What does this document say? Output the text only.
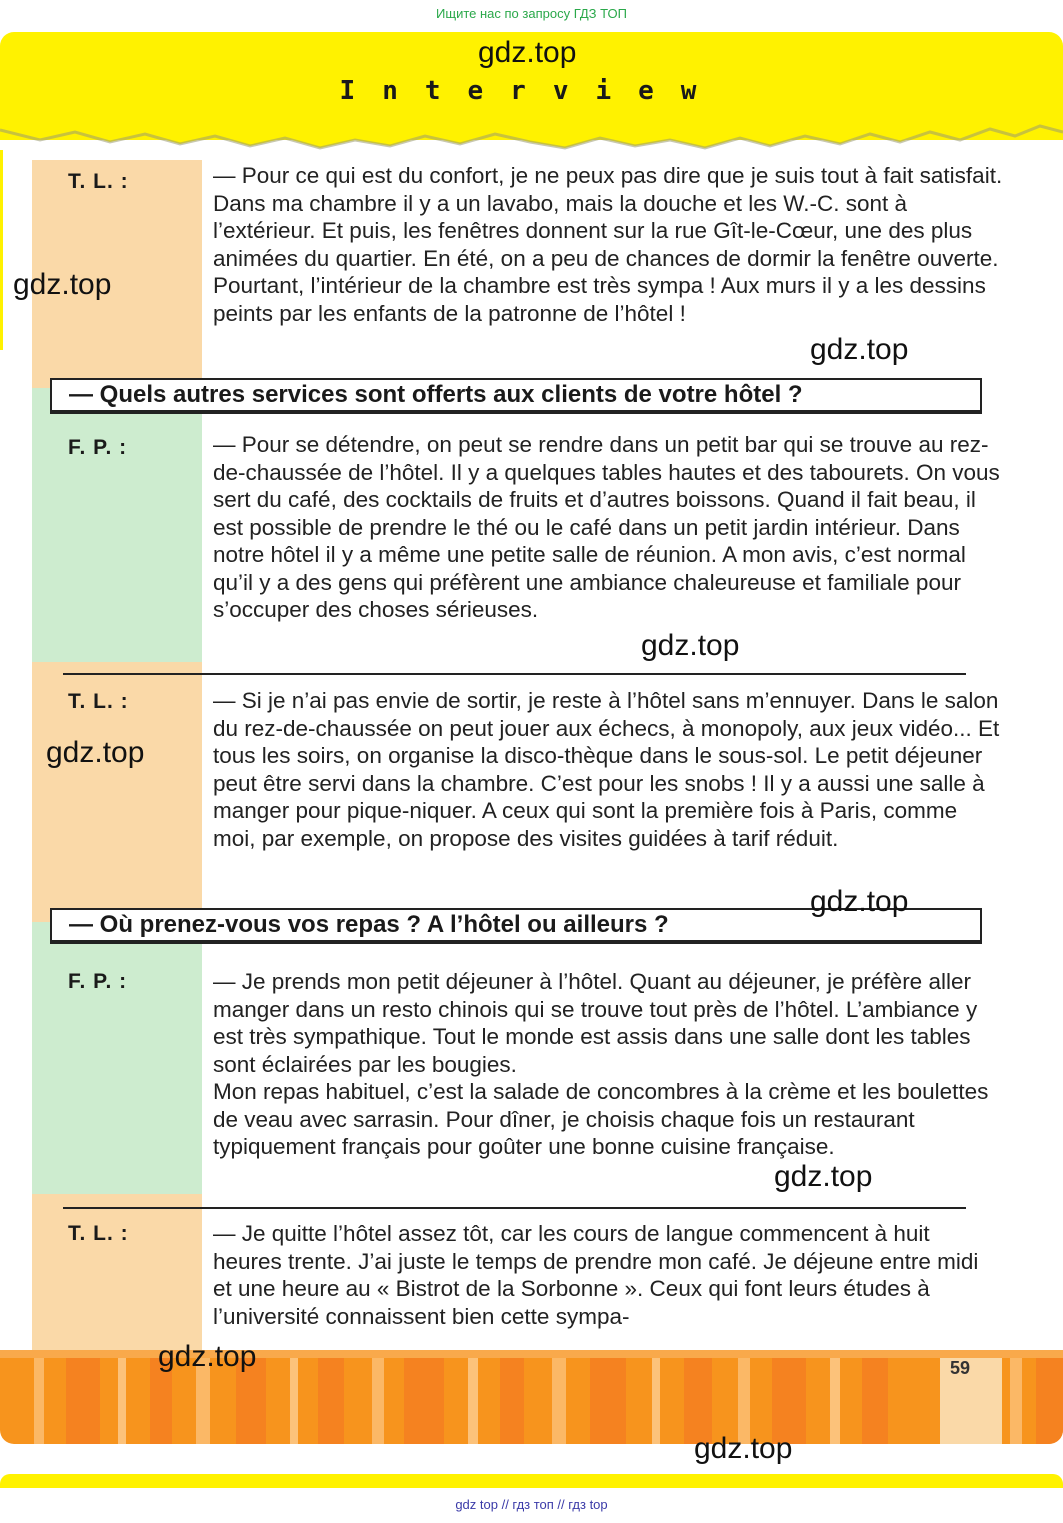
Ищите нас по запросу ГДЗ ТОП
gdz.top
Interview
T. L. :	— Pour ce qui est du confort, je ne peux pas dire que je suis tout à fait satisfait. Dans ma chambre il y a un lavabo, mais la douche et les W.-C. sont à l’extérieur. Et puis, les fenêtres donnent sur la rue Gît-le-Cœur, une des plus animées du quartier. En été, on a peu de chances de dormir la fenêtre ouverte. Pourtant, l’intérieur de la chambre est très sympa ! Aux murs il y a les dessins peints par les enfants de la patronne de l’hôtel !
— Quels autres services sont offerts aux clients de votre hôtel ?
F. P. :	— Pour se détendre, on peut se rendre dans un petit bar qui se trouve au rez-de-chaussée de l’hôtel. Il y a quelques tables hautes et des tabourets. On vous sert du café, des cocktails de fruits et d’autres boissons. Quand il fait beau, il est possible de prendre le thé ou le café dans un petit jardin intérieur. Dans notre hôtel il y a même une petite salle de réunion. A mon avis, c’est normal qu’il y a des gens qui préfèrent une ambiance chaleureuse et familiale pour s’occuper des choses sérieuses.
T. L. :	— Si je n’ai pas envie de sortir, je reste à l’hôtel sans m’ennuyer. Dans le salon du rez-de-chaussée on peut jouer aux échecs, à monopoly, aux jeux vidéo... Et tous les soirs, on organise la disco-thèque dans le sous-sol. Le petit déjeuner peut être servi dans la chambre. C’est pour les snobs ! Il y a aussi une salle à manger pour pique-niquer. A ceux qui sont la première fois à Paris, comme moi, par exemple, on propose des visites guidées à tarif réduit.
— Où prenez-vous vos repas ? A l’hôtel ou ailleurs ?
F. P. :	— Je prends mon petit déjeuner à l’hôtel. Quant au déjeuner, je préfère aller manger dans un resto chinois qui se trouve tout près de l’hôtel. L’ambiance y est très sympathique. Tout le monde est assis dans une salle dont les tables sont éclairées par les bougies.
Mon repas habituel, c’est la salade de concombres à la crème et les boulettes de veau avec sarrasin. Pour dîner, je choisis chaque fois un restaurant typiquement français pour goûter une bonne cuisine française.
T. L. :	— Je quitte l’hôtel assez tôt, car les cours de langue commencent à huit heures trente. J’ai juste le temps de prendre mon café. Je déjeune entre midi et une heure au « Bistrot de la Sorbonne ». Ceux qui font leurs études à l’université connaissent bien cette sympa-
gdz.top
gdz.top
gdz.top
gdz.top
gdz.top
gdz.top
59
gdz.top
gdz.top
gdz top // гдз топ // гдз top
